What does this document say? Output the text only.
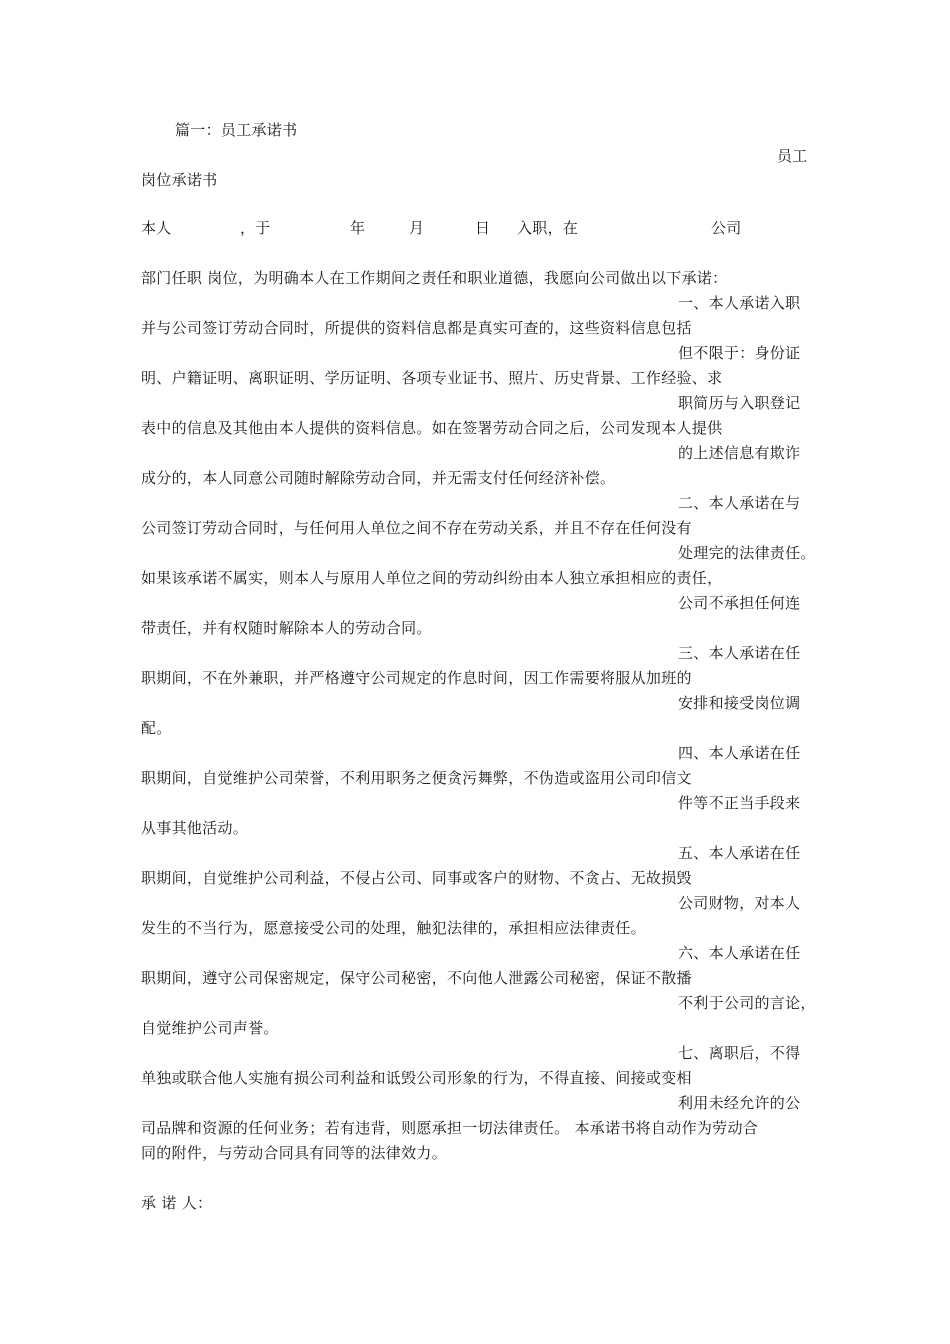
篇一：员工承诺书
员工
岗位承诺书
本人	，于	年	月	日 入职，在	公司
部门任职 岗位，为明确本人在工作期间之责任和职业道德，我愿向公司做出以下承诺：
一、本人承诺入职
并与公司签订劳动合同时，所提供的资料信息都是真实可查的，这些资料信息包括
但不限于：身份证
明、户籍证明、离职证明、学历证明、各项专业证书、照片、历史背景、工作经验、求
职简历与入职登记
表中的信息及其他由本人提供的资料信息。如在签署劳动合同之后，公司发现本人提供
的上述信息有欺诈
成分的，本人同意公司随时解除劳动合同，并无需支付任何经济补偿。
二、本人承诺在与
公司签订劳动合同时，与任何用人单位之间不存在劳动关系，并且不存在任何没有
处理完的法律责任。
如果该承诺不属实，则本人与原用人单位之间的劳动纠纷由本人独立承担相应的责任，
公司不承担任何连
带责任，并有权随时解除本人的劳动合同。
三、本人承诺在任
职期间，不在外兼职，并严格遵守公司规定的作息时间，因工作需要将服从加班的
安排和接受岗位调
配。
四、本人承诺在任
职期间，自觉维护公司荣誉，不利用职务之便贪污舞弊，不伪造或盗用公司印信文
件等不正当手段来
从事其他活动。
五、本人承诺在任
职期间，自觉维护公司利益，不侵占公司、同事或客户的财物、不贪占、无故损毁
公司财物，对本人
发生的不当行为，愿意接受公司的处理，触犯法律的，承担相应法律责任。
六、本人承诺在任
职期间，遵守公司保密规定，保守公司秘密，不向他人泄露公司秘密，保证不散播
不利于公司的言论，
自觉维护公司声誉。
七、离职后，不得
单独或联合他人实施有损公司利益和诋毁公司形象的行为，不得直接、间接或变相
利用未经允许的公
司品牌和资源的任何业务；若有违背，则愿承担一切法律责任。 本承诺书将自动作为劳动合
同的附件，与劳动合同具有同等的法律效力。
承 诺 人：
